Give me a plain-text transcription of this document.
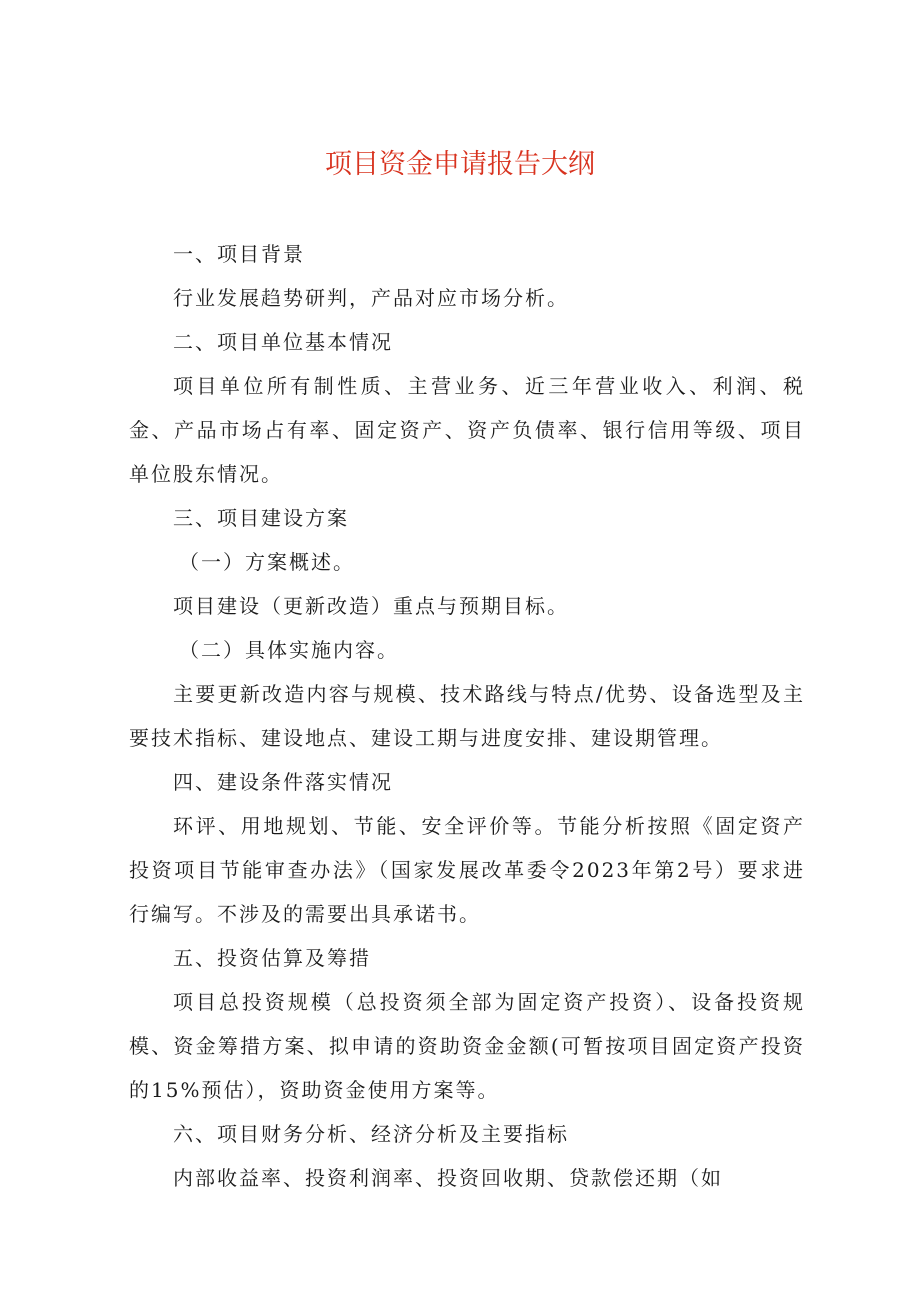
项目资金申请报告大纲

一、项目背景

行业发展趋势研判，产品对应市场分析。

二、项目单位基本情况

项目单位所有制性质、主营业务、近三年营业收入、利润、税金、产品市场占有率、固定资产、资产负债率、银行信用等级、项目单位股东情况。

三、项目建设方案

（一）方案概述。

项目建设（更新改造）重点与预期目标。

（二）具体实施内容。

主要更新改造内容与规模、技术路线与特点/优势、设备选型及主要技术指标、建设地点、建设工期与进度安排、建设期管理。

四、建设条件落实情况

环评、用地规划、节能、安全评价等。节能分析按照《固定资产投资项目节能审查办法》（国家发展改革委令2023年第2号）要求进行编写。不涉及的需要出具承诺书。

五、投资估算及筹措

项目总投资规模（总投资须全部为固定资产投资）、设备投资规模、资金筹措方案、拟申请的资助资金金额(可暂按项目固定资产投资的15%预估），资助资金使用方案等。

六、项目财务分析、经济分析及主要指标

内部收益率、投资利润率、投资回收期、贷款偿还期（如
